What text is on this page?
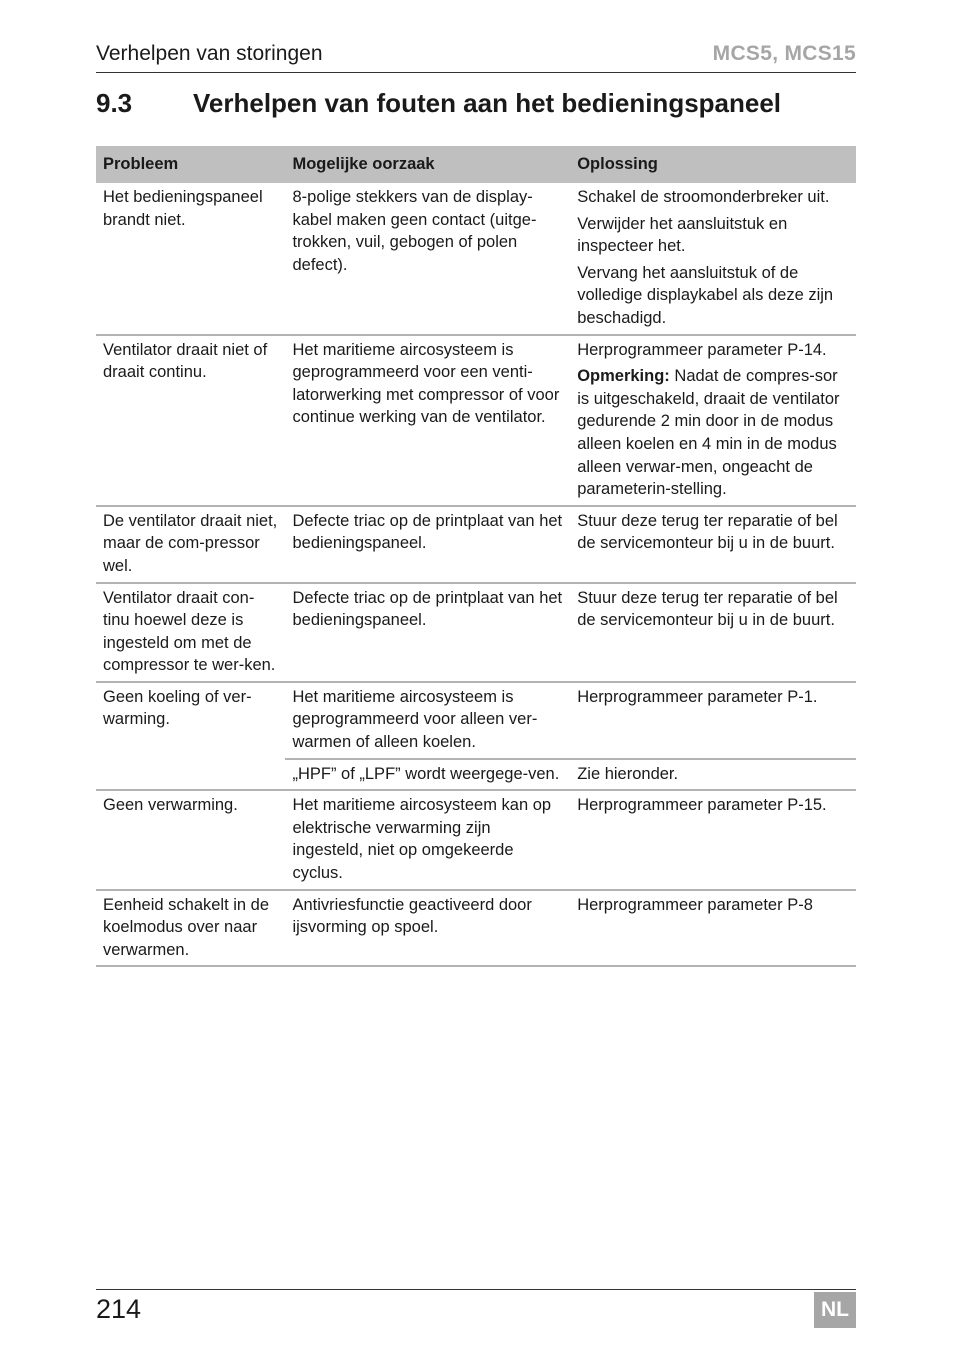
Verhelpen van storingen	MCS5, MCS15
9.3 Verhelpen van fouten aan het bedieningspaneel
Probleem	Mogelijke oorzaak	Oplossing
Het bedieningspaneel brandt niet.	8-polige stekkers van de display-kabel maken geen contact (uitge-trokken, vuil, gebogen of polen defect).	Schakel de stroomonderbreker uit.

Verwijder het aansluitstuk en inspecteer het.

Vervang het aansluitstuk of de volledige displaykabel als deze zijn beschadigd.

Ventilator draait niet of draait continu.	Het maritieme aircosysteem is geprogrammeerd voor een venti-latorwerking met compressor of voor continue werking van de ventilator.	Herprogrammeer parameter P-14.

Opmerking: Nadat de compres-sor is uitgeschakeld, draait de ventilator gedurende 2 min door in de modus alleen koelen en 4 min in de modus alleen verwar-men, ongeacht de parameterin-stelling.

De ventilator draait niet, maar de com-pressor wel.	Defecte triac op de printplaat van het bedieningspaneel.	Stuur deze terug ter reparatie of bel de servicemonteur bij u in de buurt.
Ventilator draait con-tinu hoewel deze is ingesteld om met de compressor te wer-ken.	Defecte triac op de printplaat van het bedieningspaneel.	Stuur deze terug ter reparatie of bel de servicemonteur bij u in de buurt.
Geen koeling of ver-warming.	Het maritieme aircosysteem is geprogrammeerd voor alleen ver-warmen of alleen koelen.	Herprogrammeer parameter P-1.
	„HPF” of „LPF” wordt weergege-ven.	Zie hieronder.
Geen verwarming.	Het maritieme aircosysteem kan op elektrische verwarming zijn ingesteld, niet op omgekeerde cyclus.	Herprogrammeer parameter P-15.
Eenheid schakelt in de koelmodus over naar verwarmen.	Antivriesfunctie geactiveerd door ijsvorming op spoel.	Herprogrammeer parameter P-8
214	NL
